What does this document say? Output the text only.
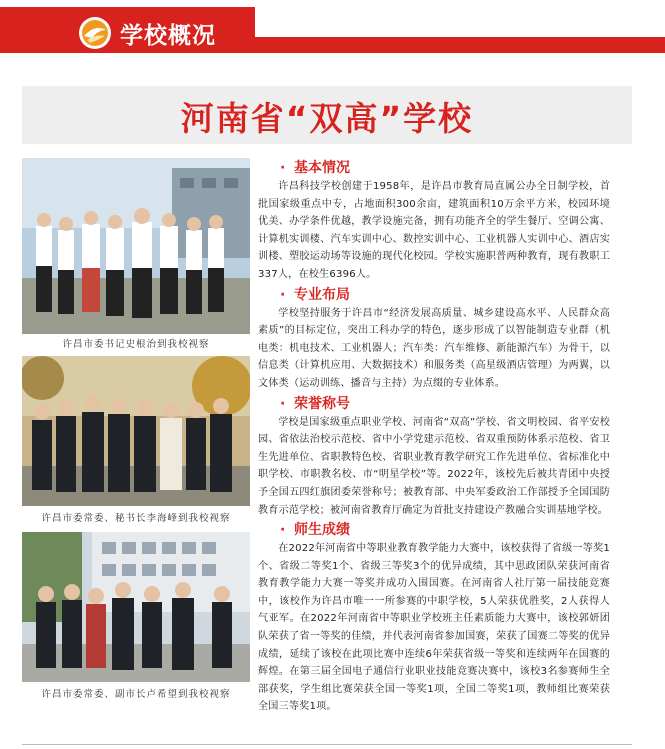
学校概况
河南省“双高”学校
许昌市委书记史根治到我校视察
许昌市委常委、秘书长李海峰到我校视察
许昌市委常委、副市长卢希望到我校视察
· 基本情况

许昌科技学校创建于1958年，是许昌市教育局直属公办全日制学校，首批国家级重点中专，占地面积300余亩，建筑面积10万余平方米，校园环境优美、办学条件优越，教学设施完备，拥有功能齐全的学生餐厅、空调公寓、计算机实训楼、汽车实训中心、数控实训中心、工业机器人实训中心、酒店实训楼、塑胶运动场等设施的现代化校园。学校实施职普两种教育，现有教职工337人，在校生6396人。

· 专业布局

学校坚持服务于许昌市“经济发展高质量、城乡建设高水平、人民群众高素质”的目标定位，突出工科办学的特色，逐步形成了以智能制造专业群（机电类：机电技术、工业机器人；汽车类：汽车维修、新能源汽车）为骨干，以信息类（计算机应用、大数据技术）和服务类（高星级酒店管理）为两翼，以文体类（运动训练、播音与主持）为点缀的专业体系。

· 荣誉称号

学校是国家级重点职业学校、河南省“双高”学校、省文明校园、省平安校园、省依法治校示范校、省中小学党建示范校、省双重预防体系示范校、省卫生先进单位、省职教特色校、省职业教育教学研究工作先进单位、省标准化中职学校、市职教名校、市“明星学校”等。2022年，该校先后被共青团中央授予全国五四红旗团委荣誉称号；被教育部、中央军委政治工作部授予全国国防教育示范学校；被河南省教育厅确定为首批支持建设产教融合实训基地学校。

· 师生成绩

在2022年河南省中等职业教育教学能力大赛中，该校获得了省级一等奖1个、省级二等奖1个、省级三等奖3个的优异成绩，其中思政团队荣获河南省教育教学能力大赛一等奖并成功入围国赛。在河南省人社厅第一届技能竞赛中，该校作为许昌市唯一一所参赛的中职学校，5人荣获优胜奖，2人获得人气亚军。在2022年河南省中等职业学校班主任素质能力大赛中，该校郭妍团队荣获了省一等奖的佳绩，并代表河南省参加国赛，荣获了国赛二等奖的优异成绩，延续了该校在此项比赛中连续6年荣获省级一等奖和连续两年在国赛的辉煌。在第三届全国电子通信行业职业技能竞赛决赛中，该校3名参赛师生全部获奖，学生组比赛荣获全国一等奖1项，全国二等奖1项，教师组比赛荣获全国三等奖1项。
